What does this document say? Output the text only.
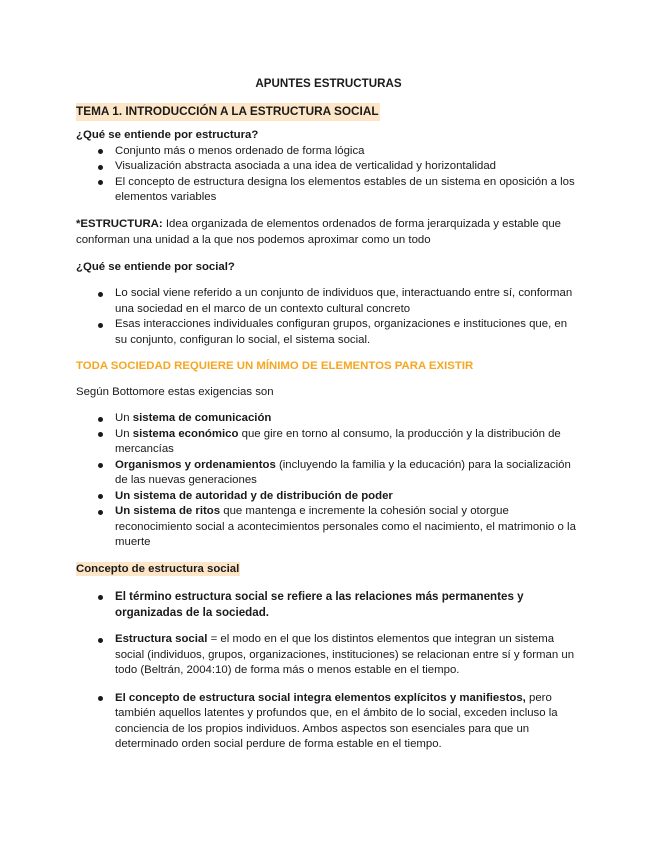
APUNTES ESTRUCTURAS
TEMA 1. INTRODUCCIÓN A LA ESTRUCTURA SOCIAL
¿Qué se entiende por estructura?
Conjunto más o menos ordenado de forma lógica
Visualización abstracta asociada a una idea de verticalidad y horizontalidad
El concepto de estructura designa los elementos estables de un sistema en oposición a los elementos variables
*ESTRUCTURA: Idea organizada de elementos ordenados de forma jerarquizada y estable que conforman una unidad a la que nos podemos aproximar como un todo
¿Qué se entiende por social?
Lo social viene referido a un conjunto de individuos que, interactuando entre sí, conforman una sociedad en el marco de un contexto cultural concreto
Esas interacciones individuales configuran grupos, organizaciones e instituciones que, en su conjunto, configuran lo social, el sistema social.
TODA SOCIEDAD REQUIERE UN MÍNIMO DE ELEMENTOS PARA EXISTIR
Según Bottomore estas exigencias son
Un sistema de comunicación
Un sistema económico que gire en torno al consumo, la producción y la distribución de mercancías
Organismos y ordenamientos (incluyendo la familia y la educación) para la socialización de las nuevas generaciones
Un sistema de autoridad y de distribución de poder
Un sistema de ritos que mantenga e incremente la cohesión social y otorgue reconocimiento social a acontecimientos personales como el nacimiento, el matrimonio o la muerte
Concepto de estructura social
El término estructura social se refiere a las relaciones más permanentes y organizadas de la sociedad.
Estructura social = el modo en el que los distintos elementos que integran un sistema social (individuos, grupos, organizaciones, instituciones) se relacionan entre sí y forman un todo (Beltrán, 2004:10) de forma más o menos estable en el tiempo.
El concepto de estructura social integra elementos explícitos y manifiestos, pero también aquellos latentes y profundos que, en el ámbito de lo social, exceden incluso la conciencia de los propios individuos. Ambos aspectos son esenciales para que un determinado orden social perdure de forma estable en el tiempo.
